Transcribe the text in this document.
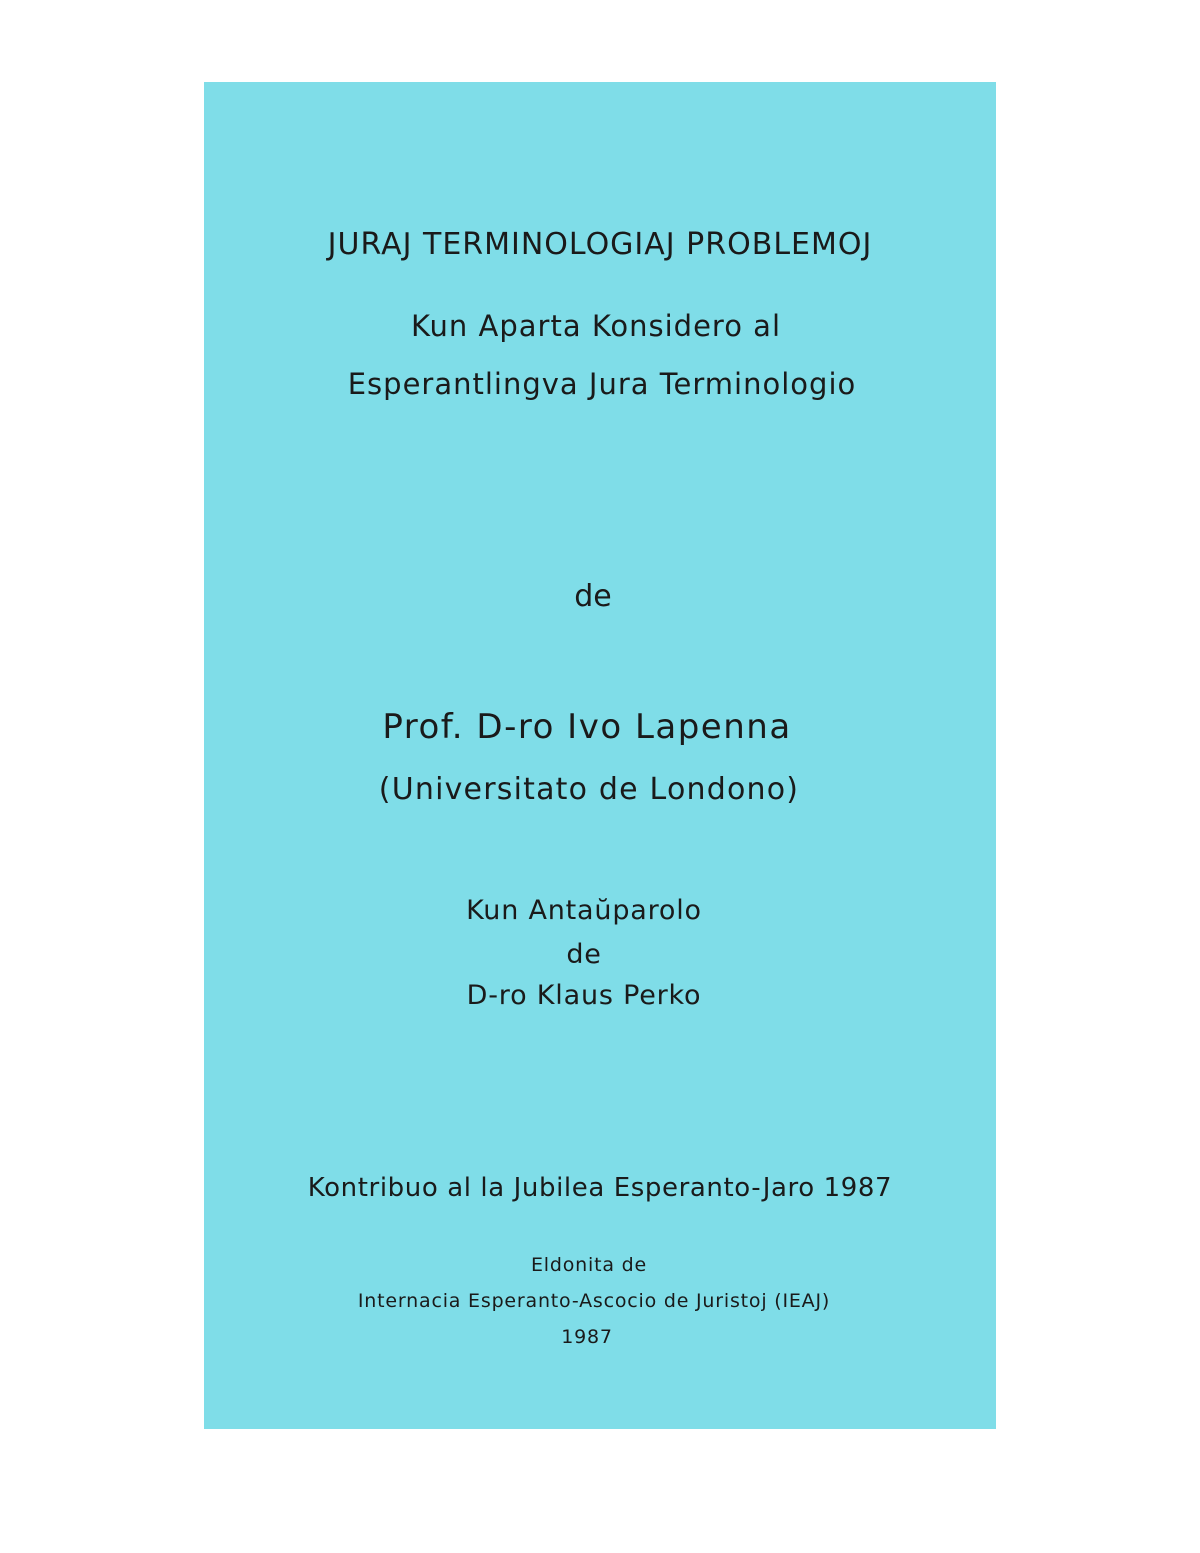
JURAJ TERMINOLOGIAJ PROBLEMOJ

Kun Aparta Konsidero al

Esperantlingva Jura Terminologio

de

Prof. D-ro Ivo Lapenna

(Universitato de Londono)

Kun Antaŭparolo

de

D-ro Klaus Perko

Kontribuo al la Jubilea Esperanto-Jaro 1987

Eldonita de

Internacia Esperanto-Ascocio de Juristoj (IEAJ)

1987
